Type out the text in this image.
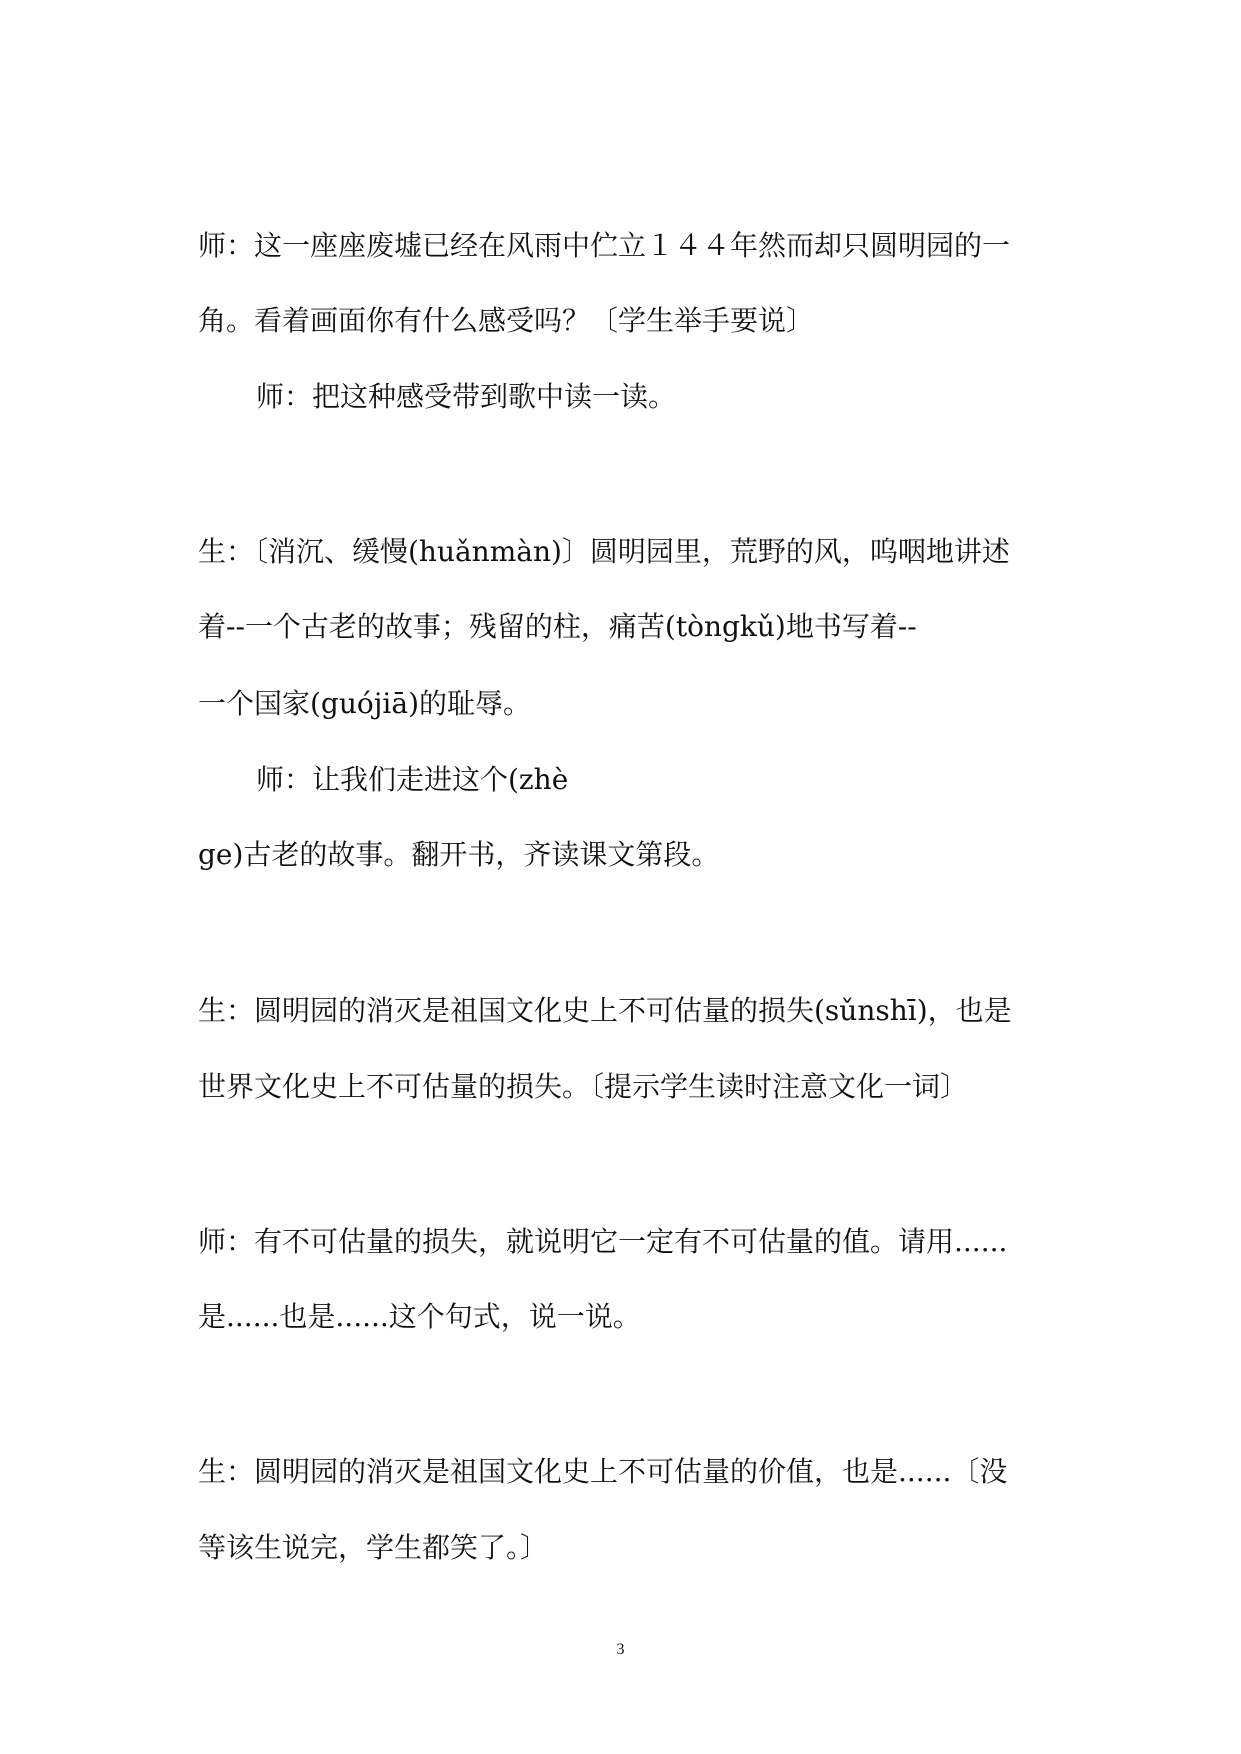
师：这一座座废墟已经在风雨中伫立１４４年然而却只圆明园的一
角。看着画面你有什么感受吗？〔学生举手要说〕
师：把这种感受带到歌中读一读。
生：〔消沉、缓慢(huǎnmàn)〕圆明园里，荒野的风，呜咽地讲述
着--一个古老的故事；残留的柱，痛苦(tòngkǔ)地书写着--
一个国家(guójiā)的耻辱。
师：让我们走进这个(zhè
ge)古老的故事。翻开书，齐读课文第段。
生：圆明园的消灭是祖国文化史上不可估量的损失(sǔnshī)，也是
世界文化史上不可估量的损失。〔提示学生读时注意文化一词〕
师：有不可估量的损失，就说明它一定有不可估量的值。请用......
是......也是......这个句式，说一说。
生：圆明园的消灭是祖国文化史上不可估量的价值，也是......〔没
等该生说完，学生都笑了。〕
3
